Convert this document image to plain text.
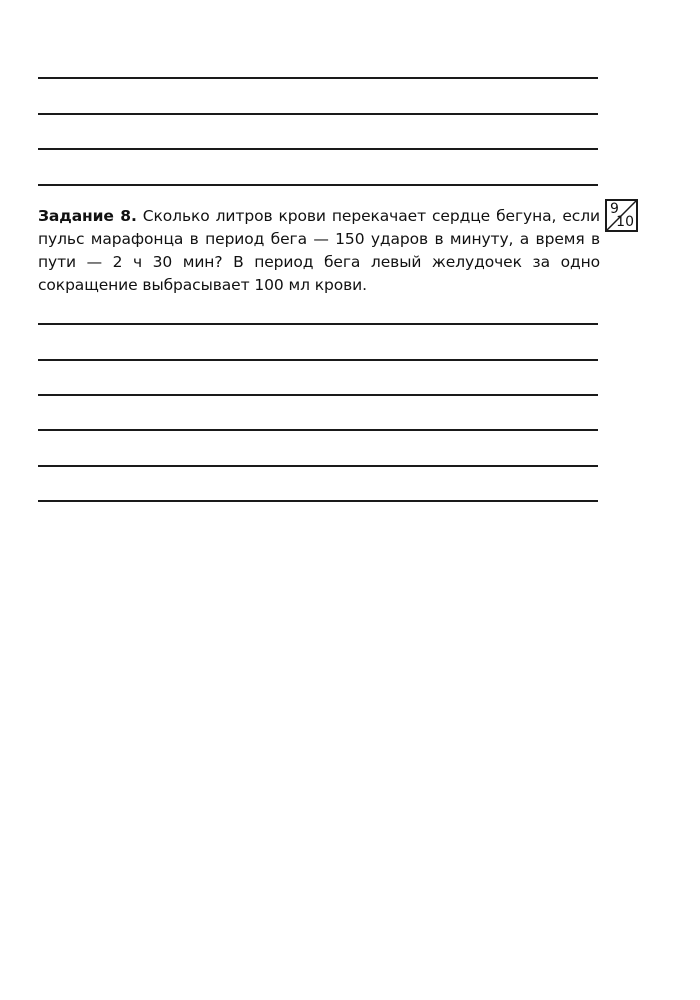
Задание 8. Сколько литров крови перекачает сердце бегуна, если пульс марафонца в период бега — 150 ударов в минуту, а время в пути — 2 ч 30 мин? В период бега левый желудочек за одно сокращение выбрасывает 100 мл крови.
9
10
